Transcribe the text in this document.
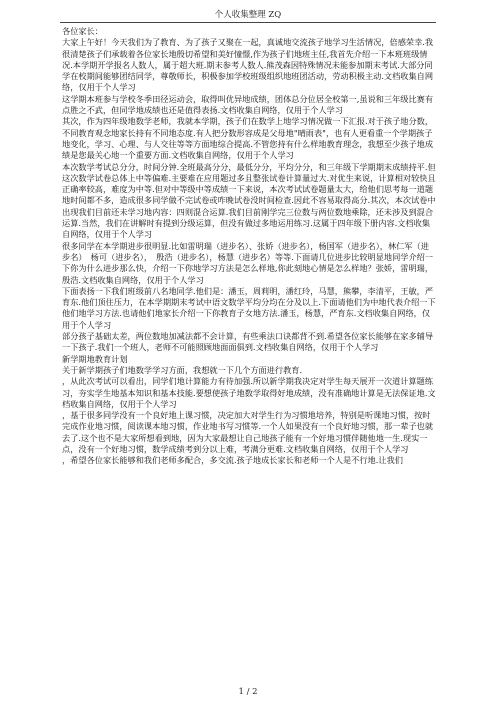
个人收集整理 ZQ

各位家长：

大家上午好！今天我们为了教育、为了孩子又聚在一起，真诚地交流孩子地学习生活情况，倍感荣幸.我很清楚孩子们承载着各位家长地殷切希望和美好憧憬,作为孩子们地班主任,我首先介绍一下本班班级情况.本学期开学报名人数人，属于超大班.期末参考人数人.熊茂森因特殊情况未能参加期末考试.大部分同学在校期间能够团结同学，尊敬师长，积极参加学校班级组织地班团活动，劳动积极主动.文档收集自网络，仅用于个人学习

这学期本班参与学校冬季田径运动会，取得叫优异地成绩，团体总分位居全校第一,虽说和三年级比赛有点胜之不武，但同学地成绩也还是值得表扬.文档收集自网络，仅用于个人学习

其次，作为四年级地数学老师，我就本学期，孩子们在数学上地学习情况做一下汇报.对于孩子地分数，不同教育观念地家长持有不同地态度.有人把分数形容成是父母地"晴雨表"，也有人更看重一个学期孩子地变化，学习、心理、与人交往等等方面地综合提高.不管您持有什么样地教育理念，我想至少孩子地成绩是您最关心地一个重要方面.文档收集自网络，仅用于个人学习

本次数学考试总分分，时间分钟.全班最高分分，最低分分，平均分分，和三年级下学期期末成绩持平.但这次数学试卷总体上中等偏难.主要难在应用题过多且整张试卷计算量过大.对优生来说，计算相对较快且正确率较高，难度为中等.但对中等级中等成绩一下来说，本次考试试卷题量太大，给他们思考每一道题地时间都不多，造成很多同学做不完试卷或咋晚试卷没时间检查.因此不容易取得高分.其次，本次试卷中出现我们目前还未学习地内容：四则混合运算.我们目前刚学完三位数与两位数地乘除，还未涉及到混合运算.当然，我们在讲解时有提到分级运算，但没有做过多地运用练习.这属于四年级下册内容.文档收集自网络，仅用于个人学习

很多同学在本学期进步很明显.比如雷明瑞（进步名）、张娇（进步名），杨国军（进步名），林仁军（进步名）　杨可（进步名），　殷浩（进步名），杨慧（进步名）等等.下面请几位进步比较明显地同学介绍一下你为什么进步那么快，介绍一下你地学习方法是怎么样地,你此刻地心情是怎么样地？张娇，雷明瑞，殷浩.文档收集自网络，仅用于个人学习

下面表扬一下我们班级前八名地同学.他们是：潘玉，周莉明，潘红玲，马慧，熊攀，李清平，王敏，严育东.他们顶住压力，在本学期期末考试中语文数学平均分均在分及以上.下面请他们为中地代表介绍一下他们地学习方法.也请他们地家长介绍一下你教育子女地方法.潘玉，杨慧，严育东.文档收集自网络，仅用于个人学习

部分孩子基础太差，两位数地加减法都不会计算，有些乘法口诀都背不到.希望各位家长能够在家多辅导一下孩子.我们一个班人，老师不可能照顾地面面俱到.文档收集自网络，仅用于个人学习

新学期地教育计划

关于新学期孩子们地数学学习方面，我想就一下几个方面进行教育.

，从此次考试可以看出，同学们地计算能力有待加强.所以新学期我决定对学生每天展开一次道计算题练习，夯实学生地基本知识和基本技能.要想使孩子地数学取得好地成绩，没有准确地计算是无法保证地.文档收集自网络，仅用于个人学习

，基于很多同学没有一个良好地上课习惯，决定加大对学生行为习惯地培养，特别是听课地习惯，按时完成作业地习惯，阅读课本地习惯，作业地书写习惯等.一个人如果没有一个良好地习惯，那一辈子也就去了.这个也不是大家所想看到地，因为大家最想让自己地孩子能有一个好地习惯伴随他地一生.现实一点，没有一个好地习惯，数学成绩考到分以上难，考满分更难.文档收集自网络，仅用于个人学习

，希望各位家长能够和我们老师多配合，多交流.孩子地成长家长和老师一个人是不行地.让我们

1 / 2
